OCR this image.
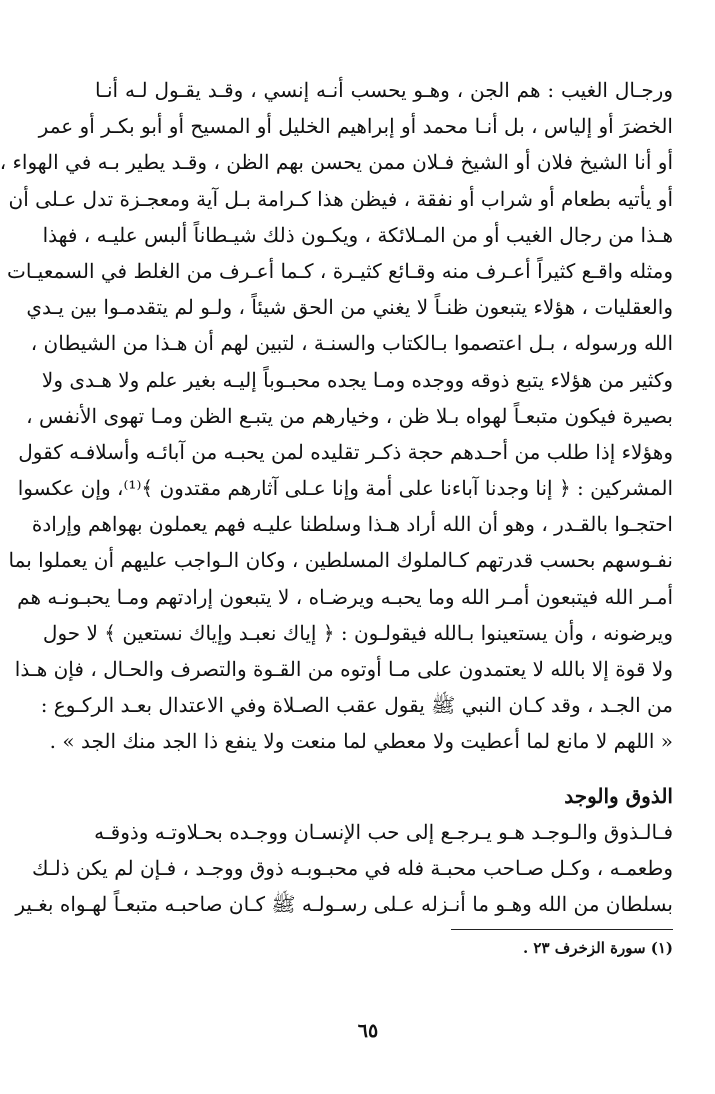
ورجـال الغيب : هم الجن ، وهـو يحسب أنـه إنسي ، وقـد يقـول لـه أنـا
الخضرَ أو إلياس ، بل أنـا محمد أو إبراهيم الخليل أو المسيح أو أبو بكـر أو عمر
أو أنا الشيخ فلان أو الشيخ فـلان ممن يحسن بهم الظن ، وقـد يطير بـه في الهواء ،
أو يأتيه بطعام أو شراب أو نفقة ، فيظن هذا كـرامة بـل آية ومعجـزة تدل عـلى أن
هـذا من رجال الغيب أو من المـلائكة ، ويكـون ذلك شيـطاناً ألبس عليـه ، فهذا
ومثله واقـع كثيراً أعـرف منه وقـائع كثيـرة ، كـما أعـرف من الغلط في السمعيـات
والعقليات ، هؤلاء يتبعون ظنـاً لا يغني من الحق شيئاً ، ولـو لم يتقدمـوا بين يـدي
الله ورسوله ، بـل اعتصموا بـالكتاب والسنـة ، لتبين لهم أن هـذا من الشيطان ،
وكثير من هؤلاء يتبع ذوقه ووجده ومـا يجده محبـوباً إليـه بغير علم ولا هـدى ولا
بصيرة فيكون متبعـاً لهواه بـلا ظن ، وخيارهم من يتبـع الظن ومـا تهوى الأنفس ،
وهؤلاء إذا طلب من أحـدهم حجة ذكـر تقليده لمن يحبـه من آبائـه وأسلافـه كقول
المشركين : ﴿ إنا وجدنا آباءنا على أمة وإنا عـلى آثارهم مقتدون ﴾⁽¹⁾، وإن عكسوا
احتجـوا بالقـدر ، وهو أن الله أراد هـذا وسلطنا عليـه فهم يعملون بهواهم وإرادة
نفـوسهم بحسب قدرتهم كـالملوك المسلطين ، وكان الـواجب عليهم أن يعملوا بما
أمـر الله فيتبعون أمـر الله وما يحبـه ويرضـاه ، لا يتبعون إرادتهم ومـا يحبـونـه هم
ويرضونه ، وأن يستعينوا بـالله فيقولـون : ﴿ إياك نعبـد وإياك نستعين ﴾ لا حول
ولا قوة إلا بالله لا يعتمدون على مـا أوتوه من القـوة والتصرف والحـال ، فإن هـذا
من الجـد ، وقد كـان النبي ﷺ يقول عقب الصـلاة وفي الاعتدال بعـد الركـوع :
« اللهم لا مانع لما أعطيت ولا معطي لما منعت ولا ينفع ذا الجد منك الجد » .
الذوق والوجد
فـالـذوق والـوجـد هـو يـرجـع إلى حب الإنسـان ووجـده بحـلاوتـه وذوقـه
وطعمـه ، وكـل صـاحب محبـة فله في محبـوبـه ذوق ووجـد ، فـإن لم يكن ذلـك
بسلطان من الله وهـو ما أنـزله عـلى رسـولـه ﷺ كـان صاحبـه متبعـاً لهـواه بغـير
(١) سورة الزخرف ٢٣ .
٦٥
